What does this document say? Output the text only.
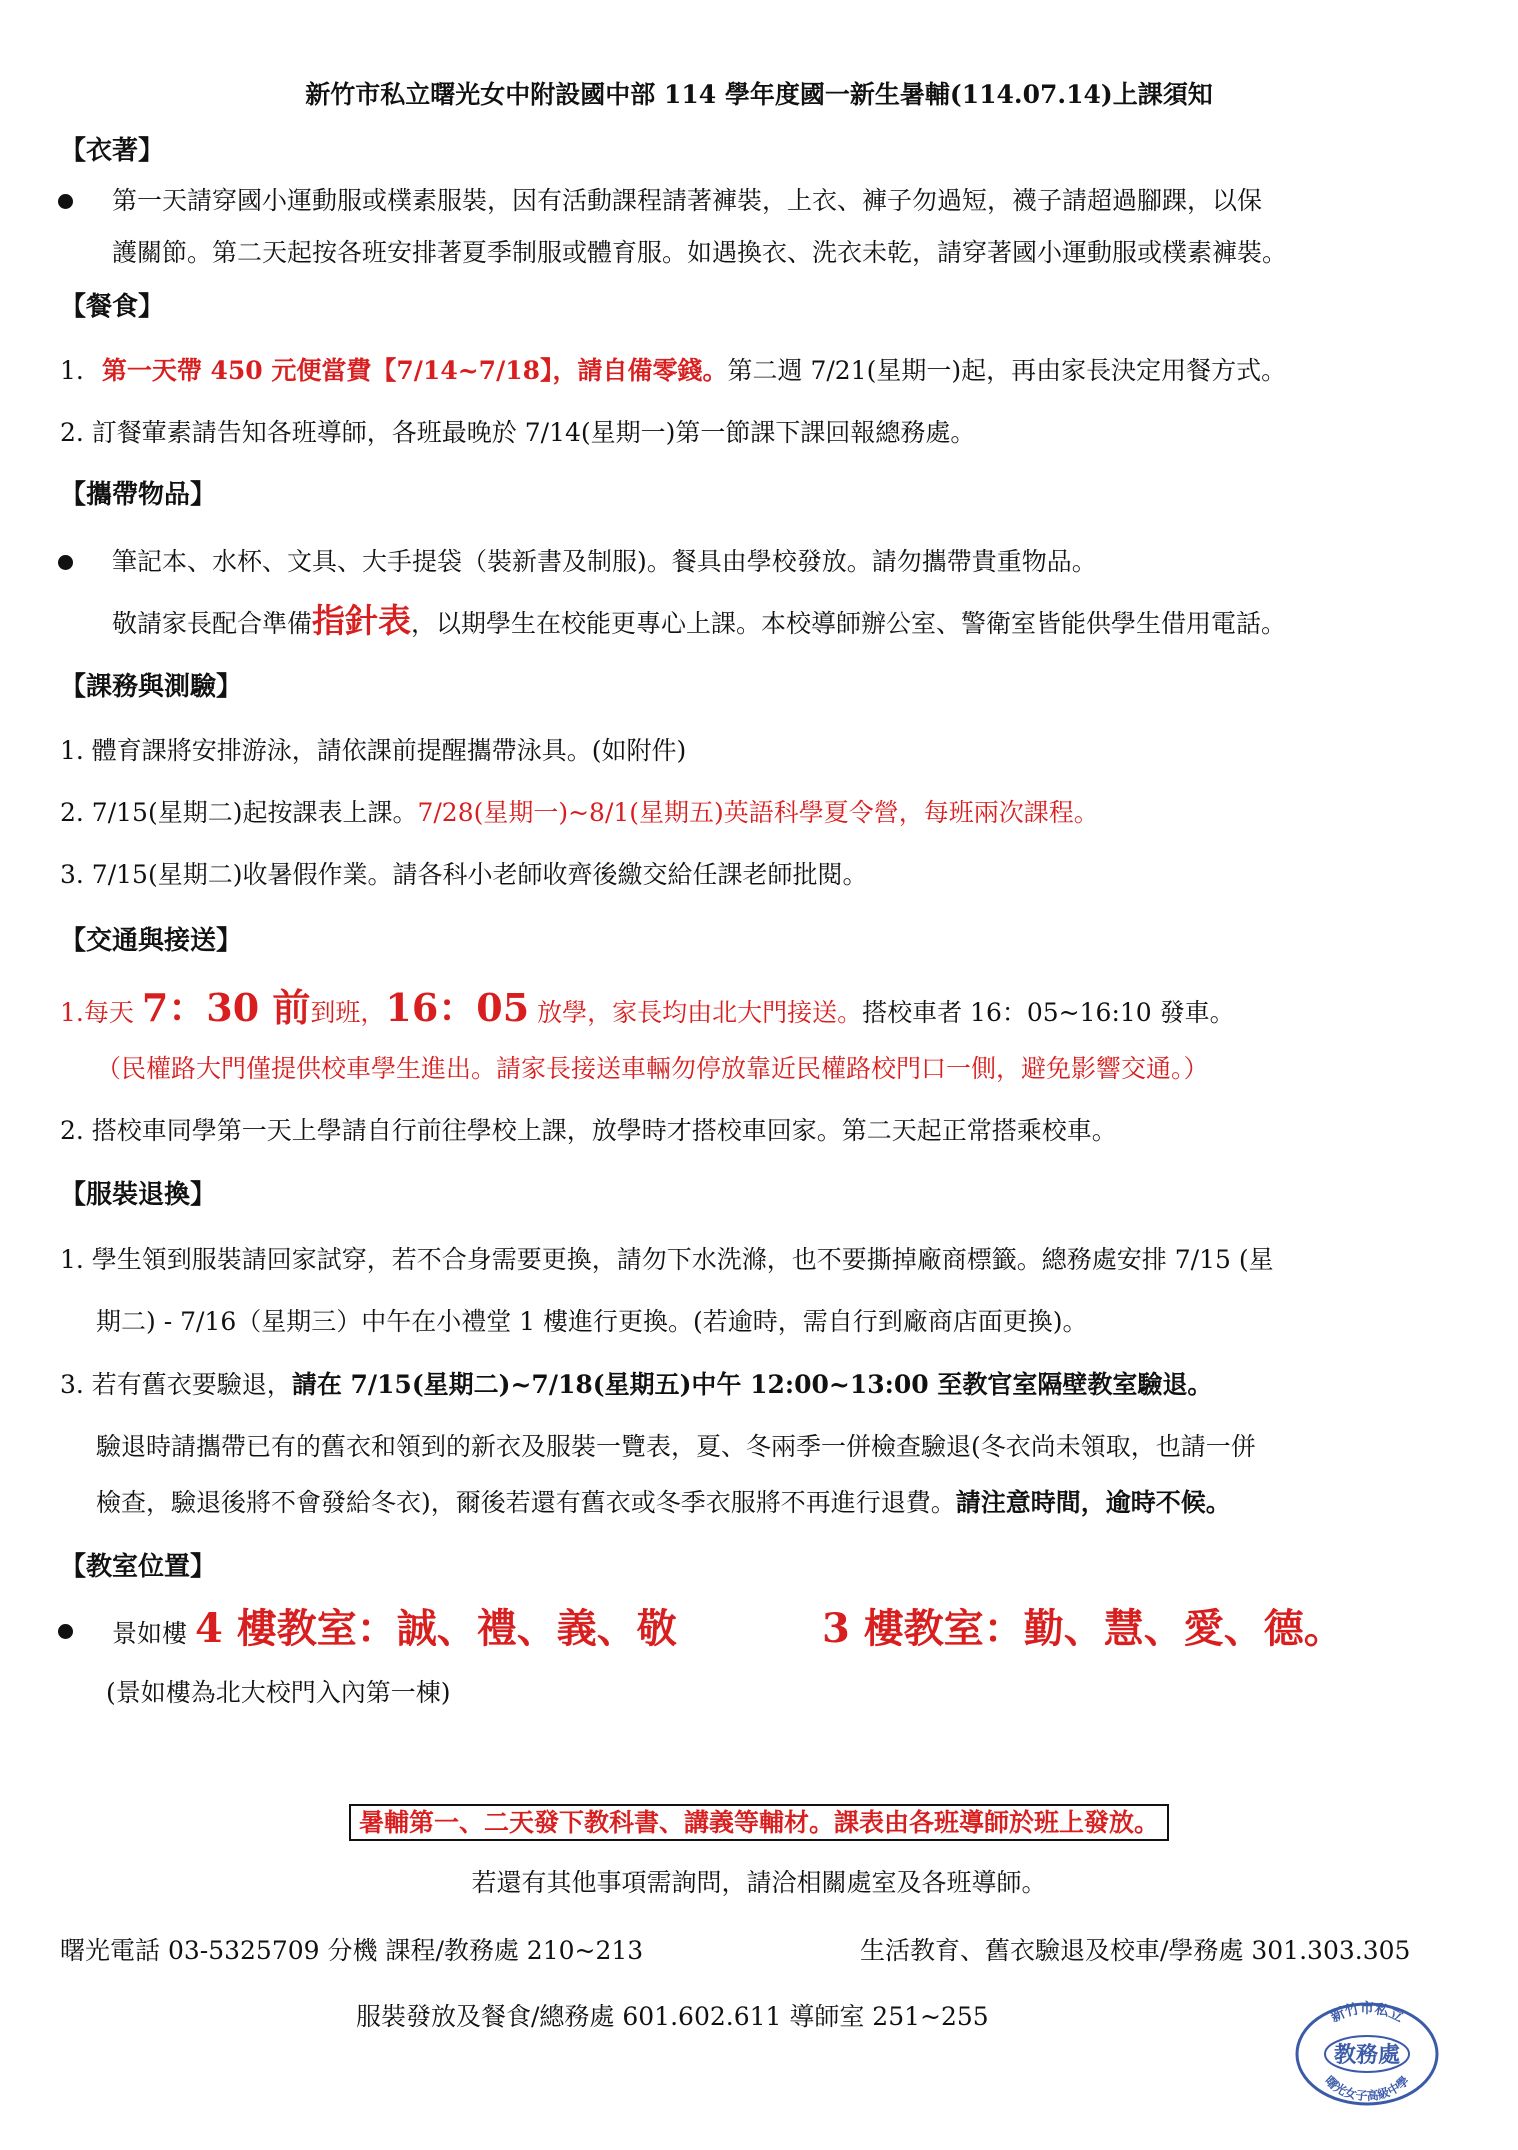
新竹市私立曙光女中附設國中部 114 學年度國一新生暑輔(114.07.14)上課須知
【衣著】
第一天請穿國小運動服或樸素服裝，因有活動課程請著褲裝，上衣、褲子勿過短，襪子請超過腳踝，以保
護關節。第二天起按各班安排著夏季制服或體育服。如遇換衣、洗衣未乾，請穿著國小運動服或樸素褲裝。
【餐食】
1. 第一天帶 450 元便當費【7/14~7/18】，請自備零錢。第二週 7/21(星期一)起，再由家長決定用餐方式。
2. 訂餐葷素請告知各班導師，各班最晚於 7/14(星期一)第一節課下課回報總務處。
【攜帶物品】
筆記本、水杯、文具、大手提袋（裝新書及制服)。餐具由學校發放。請勿攜帶貴重物品。
敬請家長配合準備指針表，以期學生在校能更專心上課。本校導師辦公室、警衛室皆能供學生借用電話。
【課務與測驗】
1. 體育課將安排游泳，請依課前提醒攜帶泳具。(如附件)
2. 7/15(星期二)起按課表上課。7/28(星期一)~8/1(星期五)英語科學夏令營，每班兩次課程。
3. 7/15(星期二)收暑假作業。請各科小老師收齊後繳交給任課老師批閱。
【交通與接送】
1.每天 7：30 前到班，16：05 放學，家長均由北大門接送。搭校車者 16：05~16:10 發車。
（民權路大門僅提供校車學生進出。請家長接送車輛勿停放靠近民權路校門口一側，避免影響交通。）
2. 搭校車同學第一天上學請自行前往學校上課，放學時才搭校車回家。第二天起正常搭乘校車。
【服裝退換】
1. 學生領到服裝請回家試穿，若不合身需要更換，請勿下水洗滌，也不要撕掉廠商標籤。總務處安排 7/15 (星
期二) - 7/16（星期三）中午在小禮堂 1 樓進行更換。(若逾時，需自行到廠商店面更換)。
3. 若有舊衣要驗退，請在 7/15(星期二)~7/18(星期五)中午 12:00~13:00 至教官室隔壁教室驗退。
驗退時請攜帶已有的舊衣和領到的新衣及服裝一覽表，夏、冬兩季一併檢查驗退(冬衣尚未領取，也請一併
檢查，驗退後將不會發給冬衣)，爾後若還有舊衣或冬季衣服將不再進行退費。請注意時間，逾時不候。
【教室位置】
景如樓 4 樓教室：誠、禮、義、敬	3 樓教室：勤、慧、愛、德。
(景如樓為北大校門入內第一棟)
暑輔第一、二天發下教科書、講義等輔材。課表由各班導師於班上發放。
若還有其他事項需詢問，請洽相關處室及各班導師。
曙光電話 03-5325709 分機 課程/教務處 210~213	生活教育、舊衣驗退及校車/學務處 301.303.305
服裝發放及餐食/總務處 601.602.611 導師室 251~255	新竹市私立
教務處
曙光女子高級中學
